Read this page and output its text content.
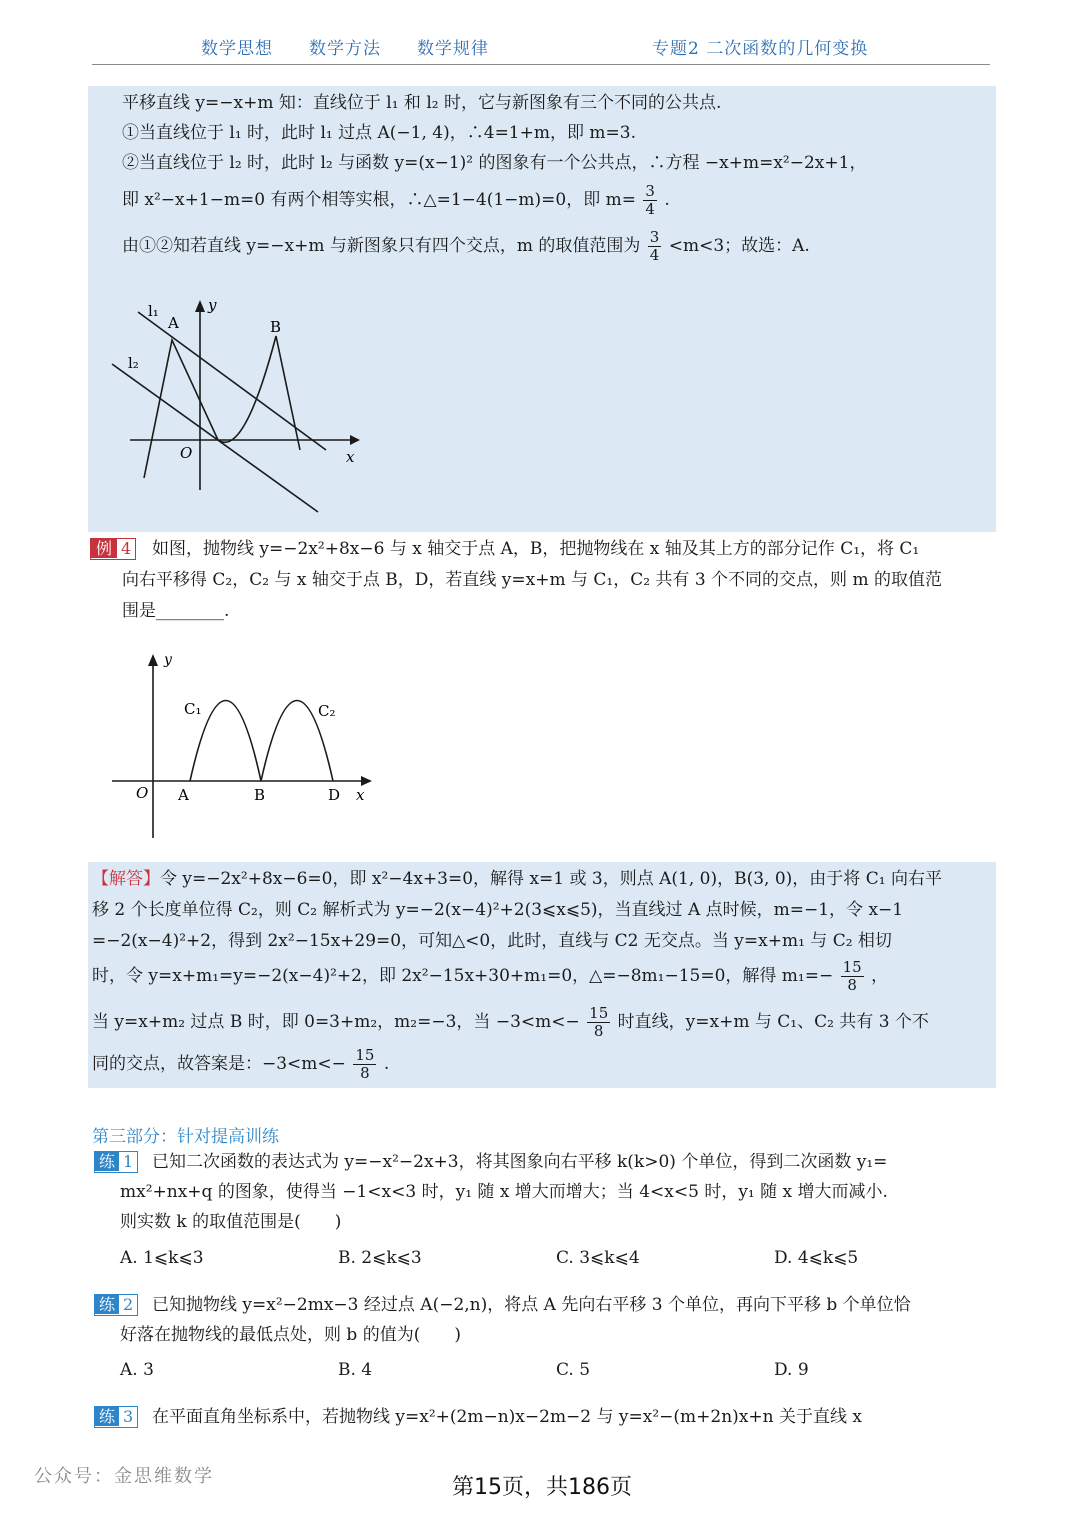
数学思想 数学方法 数学规律	专题2 二次函数的几何变换
平移直线 y=−x+m 知：直线位于 l₁ 和 l₂ 时，它与新图象有三个不同的公共点.
①当直线位于 l₁ 时，此时 l₁ 过点 A(−1, 4)，∴4=1+m，即 m=3.
②当直线位于 l₂ 时，此时 l₂ 与函数 y=(x−1)² 的图象有一个公共点，∴方程 −x+m=x²−2x+1，
即 x²−x+1−m=0 有两个相等实根，∴△=1−4(1−m)=0，即 $m= \frac{3}{4}$ .
由①②知若直线 y=−x+m 与新图象只有四个交点，m 的取值范围为 $\frac{3}{4} <m<3$；故选：A.
l₁
A	B
l₂
O	x
y
例 4 如图，抛物线 y=−2x²+8x−6 与 x 轴交于点 A，B，把抛物线在 x 轴及其上方的部分记作 C₁，将 C₁
向右平移得 C₂，C₂ 与 x 轴交于点 B，D，若直线 y=x+m 与 C₁，C₂ 共有 3 个不同的交点，则 m 的取值范
围是________.
y
O A	B	D x
C₁	C₂
【解答】令 y=−2x²+8x−6=0，即 x²−4x+3=0，解得 x=1 或 3，则点 A(1, 0)，B(3, 0)，由于将 C₁ 向右平
移 2 个长度单位得 C₂，则 C₂ 解析式为 y=−2(x−4)²+2(3⩽x⩽5)，当直线过 A 点时候，m=−1，令 x−1
=−2(x−4)²+2，得到 2x²−15x+29=0，可知△<0，此时，直线与 C2 无交点。当 y=x+m₁ 与 C₂ 相切
时，令 y=x+m₁=y=−2(x−4)²+2，即 2x²−15x+30+m₁=0，△=−8m₁−15=0，解得 $m_1=- \frac{15}{8}$ ，
当 y=x+m₂ 过点 B 时，即 0=3+m₂，m₂=−3，当 $-3<m<- \frac{15}{8}$ 时直线，y=x+m 与 C₁、C₂ 共有 3 个不
同的交点，故答案是：$-3<m<- \frac{15}{8}$ .
第三部分：针对提高训练
练 1 已知二次函数的表达式为 y=−x²−2x+3，将其图象向右平移 k(k>0) 个单位，得到二次函数 y₁=
mx²+nx+q 的图象，使得当 −1<x<3 时，y₁ 随 x 增大而增大；当 4<x<5 时，y₁ 随 x 增大而减小.
则实数 k 的取值范围是(　　)
A. 1⩽k⩽3	B. 2⩽k⩽3	C. 3⩽k⩽4	D. 4⩽k⩽5
练 2 已知抛物线 y=x²−2mx−3 经过点 A(−2,n)，将点 A 先向右平移 3 个单位，再向下平移 b 个单位恰
好落在抛物线的最低点处，则 b 的值为(　　)
A. 3	B. 4	C. 5	D. 9
练 3 在平面直角坐标系中，若抛物线 y=x²+(2m−n)x−2m−2 与 y=x²−(m+2n)x+n 关于直线 x
公众号：金思维数学	第15页，共186页
